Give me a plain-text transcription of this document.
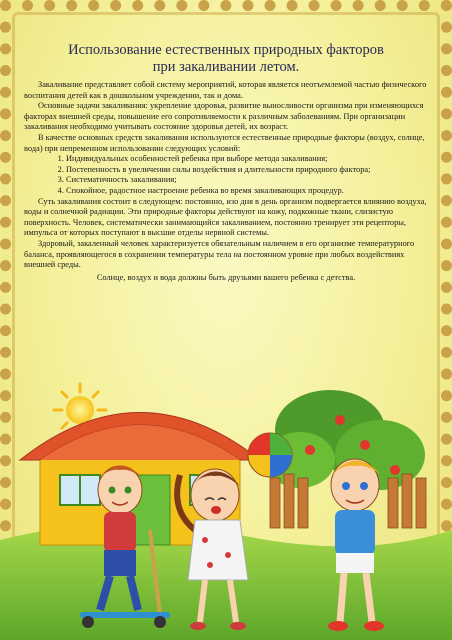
Использование естественных природных факторов
при закаливании летом.

Закаливание представляет собой систему мероприятий, которая является неотъемлемой частью физического воспитания детей как в дошкольном учреждении, так и дома.

Основные задачи закаливания: укрепление здоровья, развитие выносливости организма при изменяющихся факторах внешней среды, повышение его сопротивляемости к различным заболеваниям. При организации закаливания необходимо учитывать состояние здоровья детей, их возраст.

В качестве основных средств закаливания используются естественные природные факторы (воздух, солнце, вода) при непременном использовании следующих условий:

1. Индивидуальных особенностей ребенка при выборе метода закаливания;
2. Постепенность в увеличении силы воздействия и длительности природного фактора;
3. Систематичность закаливания;
4. Спокойное, радостное настроение ребенка во время закаливающих процедур.

Суть закаливания состоит в следующем: постоянно, изо дня в день организм подвергается влиянию воздуха, воды и солнечной радиации. Эти природные факторы действуют на кожу, подкожные ткани, слизистую поверхность. Человек, систематически занимающийся закаливанием, постоянно тренирует эти рецепторы, импульса от которых поступают в высшие отделы нервной системы.

Здоровый, закаленный человек характеризуется обязательным наличием в его организме температурного баланса, проявляющегося в сохранении температуры тела на постоянном уровне при любых воздействиях внешней среды.

Солнце, воздух и вода должны быть друзьями вашего ребенка с детства.
